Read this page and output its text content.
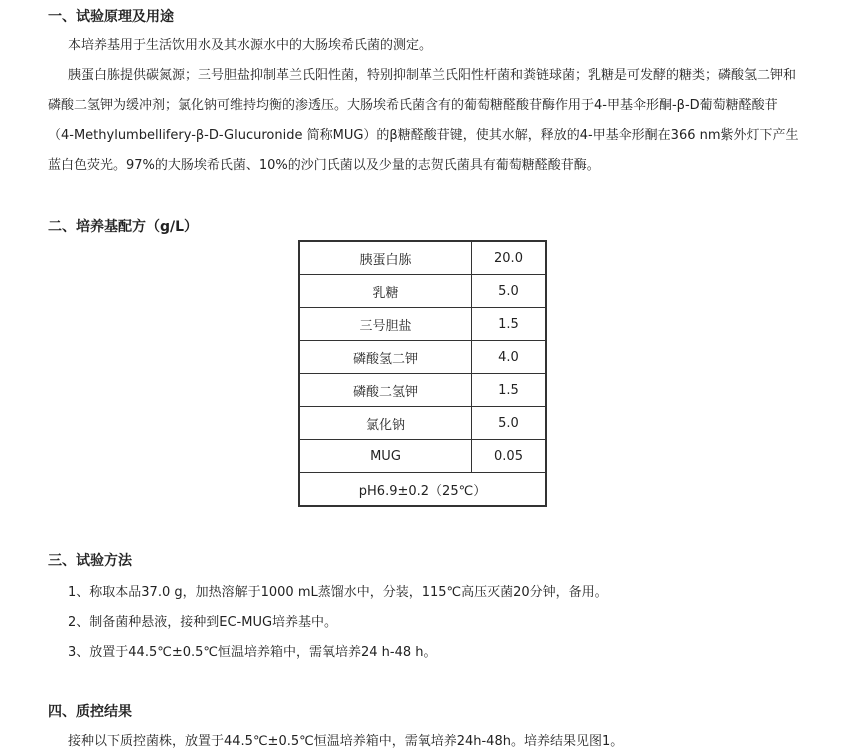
一、试验原理及用途

本培养基用于生活饮用水及其水源水中的大肠埃希氏菌的测定。

胰蛋白胨提供碳氮源；三号胆盐抑制革兰氏阳性菌，特别抑制革兰氏阳性杆菌和粪链球菌；乳糖是可发酵的糖类；磷酸氢二钾和磷酸二氢钾为缓冲剂；氯化钠可维持均衡的渗透压。大肠埃希氏菌含有的葡萄糖醛酸苷酶作用于4-甲基伞形酮-β-D葡萄糖醛酸苷（4-Methylumbellifery-β-D-Glucuronide 简称MUG）的β糖醛酸苷键，使其水解，释放的4-甲基伞形酮在366 nm紫外灯下产生蓝白色荧光。97%的大肠埃希氏菌、10%的沙门氏菌以及少量的志贺氏菌具有葡萄糖醛酸苷酶。

二、培养基配方（g/L）
胰蛋白胨	20.0
乳糖	5.0
三号胆盐	1.5
磷酸氢二钾	4.0
磷酸二氢钾	1.5
氯化钠	5.0
MUG	0.05
pH6.9±0.2（25℃）	
三、试验方法

1、称取本品37.0 g，加热溶解于1000 mL蒸馏水中，分装，115℃高压灭菌20分钟，备用。

2、制备菌种悬液，接种到EC-MUG培养基中。

3、放置于44.5℃±0.5℃恒温培养箱中，需氧培养24 h-48 h。

四、质控结果

接种以下质控菌株，放置于44.5℃±0.5℃恒温培养箱中，需氧培养24h-48h。培养结果见图1。
